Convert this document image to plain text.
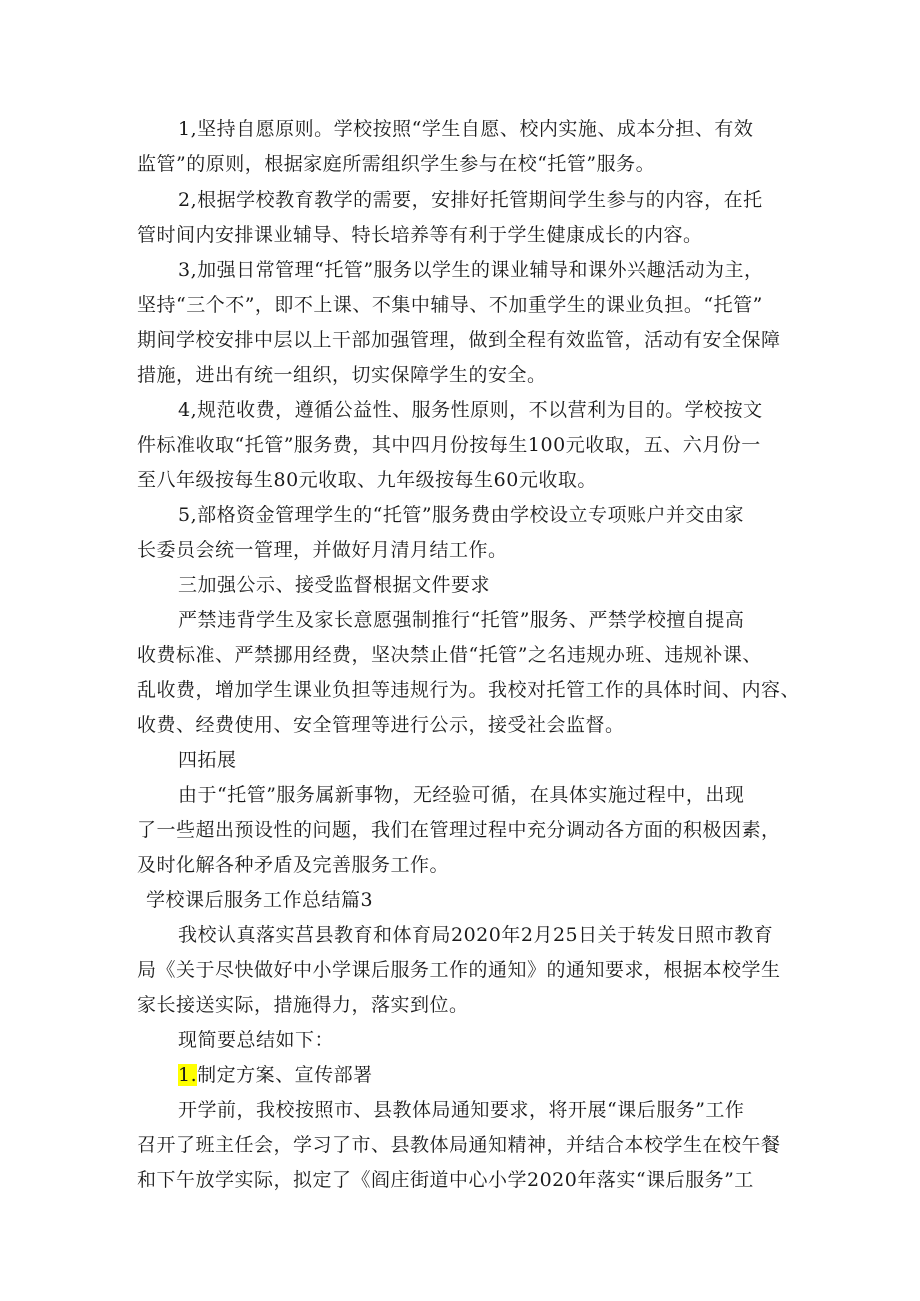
1,坚持自愿原则。学校按照“学生自愿、校内实施、成本分担、有效
监管”的原则，根据家庭所需组织学生参与在校“托管”服务。
2,根据学校教育教学的需要，安排好托管期间学生参与的内容，在托
管时间内安排课业辅导、特长培养等有利于学生健康成长的内容。
3,加强日常管理“托管”服务以学生的课业辅导和课外兴趣活动为主，
坚持“三个不”，即不上课、不集中辅导、不加重学生的课业负担。“托管”
期间学校安排中层以上干部加强管理，做到全程有效监管，活动有安全保障
措施，进出有统一组织，切实保障学生的安全。
4,规范收费，遵循公益性、服务性原则，不以营利为目的。学校按文
件标准收取“托管”服务费，其中四月份按每生100元收取，五、六月份一
至八年级按每生80元收取、九年级按每生60元收取。
5,部格资金管理学生的“托管”服务费由学校设立专项账户并交由家
长委员会统一管理，并做好月清月结工作。
三加强公示、接受监督根据文件要求
严禁违背学生及家长意愿强制推行“托管”服务、严禁学校擅自提高
收费标准、严禁挪用经费，坚决禁止借“托管”之名违规办班、违规补课、
乱收费，增加学生课业负担等违规行为。我校对托管工作的具体时间、内容、
收费、经费使用、安全管理等进行公示，接受社会监督。
四拓展
由于“托管”服务属新事物，无经验可循，在具体实施过程中，出现
了一些超出预设性的问题，我们在管理过程中充分调动各方面的积极因素，
及时化解各种矛盾及完善服务工作。
学校课后服务工作总结篇3
我校认真落实莒县教育和体育局2020年2月25日关于转发日照市教育
局《关于尽快做好中小学课后服务工作的通知》的通知要求，根据本校学生
家长接送实际，措施得力，落实到位。
现简要总结如下：
1.制定方案、宣传部署
开学前，我校按照市、县教体局通知要求，将开展“课后服务”工作
召开了班主任会，学习了市、县教体局通知精神，并结合本校学生在校午餐
和下午放学实际，拟定了《阎庄街道中心小学2020年落实“课后服务”工
